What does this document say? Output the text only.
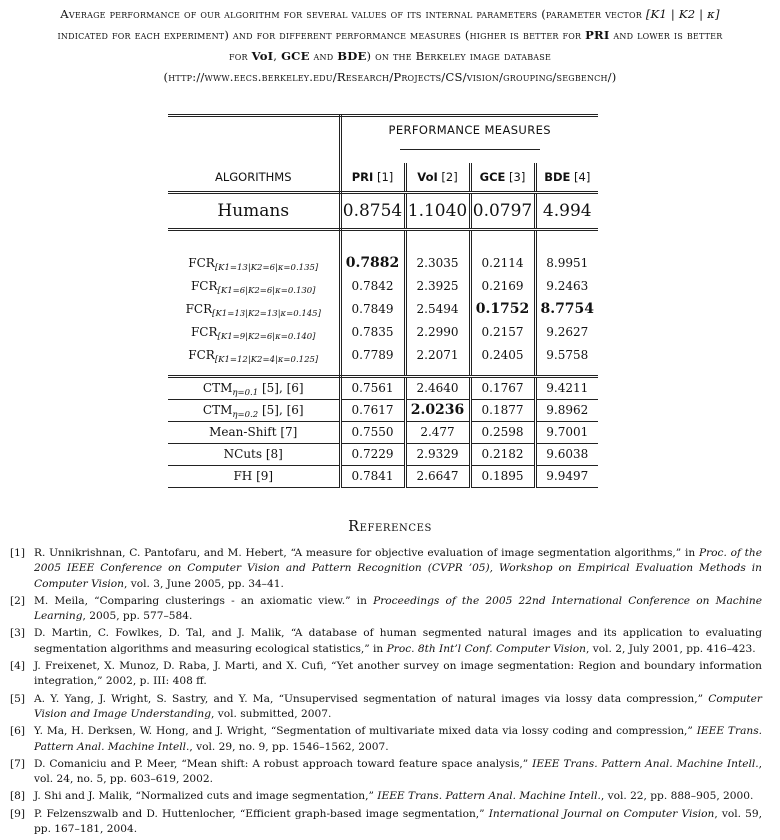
Average performance of our algorithm for several values of its internal parameters (parameter vector [K1 | K2 | κ]
indicated for each experiment) and for different performance measures (higher is better for PRI and lower is better
for VoI, GCE and BDE) on the Berkeley image database
(http://www.eecs.berkeley.edu/Research/Projects/CS/vision/grouping/segbench/)

	PERFORMANCE MEASURES			

ALGORITHMS	PRI [1]	VoI [2]	GCE [3]	BDE [4]
Humans	0.8754	1.1040	0.0797	4.994

$FCR_{[K1=13|K2=6|\kappa=0.135]}$	0.7882	2.3035	0.2114	8.9951
$FCR_{[K1=6|K2=6|\kappa=0.130]}$	0.7842	2.3925	0.2169	9.2463
$FCR_{[K1=13|K2=13|\kappa=0.145]}$	0.7849	2.5494	0.1752	8.7754
$FCR_{[K1=9|K2=6|\kappa=0.140]}$	0.7835	2.2990	0.2157	9.2627
$FCR_{[K1=12|K2=4|\kappa=0.125]}$	0.7789	2.2071	0.2405	9.5758

$CTM_{\eta=0.1}$ [5], [6]	0.7561	2.4640	0.1767	9.4211
$CTM_{\eta=0.2}$ [5], [6]	0.7617	2.0236	0.1877	9.8962
Mean-Shift [7]	0.7550	2.477	0.2598	9.7001
NCuts [8]	0.7229	2.9329	0.2182	9.6038
FH [9]	0.7841	2.6647	0.1895	9.9497
References
[1] R. Unnikrishnan, C. Pantofaru, and M. Hebert, “A measure for objective evaluation of image segmentation algorithms,” in Proc. of the 2005 IEEE Conference on Computer Vision and Pattern Recognition (CVPR ’05), Workshop on Empirical Evaluation Methods in Computer Vision, vol. 3, June 2005, pp. 34–41.
[2] M. Meila, “Comparing clusterings - an axiomatic view.” in Proceedings of the 2005 22nd International Conference on Machine Learning, 2005, pp. 577–584.
[3] D. Martin, C. Fowlkes, D. Tal, and J. Malik, “A database of human segmented natural images and its application to evaluating segmentation algorithms and measuring ecological statistics,” in Proc. 8th Int’l Conf. Computer Vision, vol. 2, July 2001, pp. 416–423.
[4] J. Freixenet, X. Munoz, D. Raba, J. Marti, and X. Cufi, “Yet another survey on image segmentation: Region and boundary information integration,” 2002, p. III: 408 ff.
[5] A. Y. Yang, J. Wright, S. Sastry, and Y. Ma, “Unsupervised segmentation of natural images via lossy data compression,” Computer Vision and Image Understanding, vol. submitted, 2007.
[6] Y. Ma, H. Derksen, W. Hong, and J. Wright, “Segmentation of multivariate mixed data via lossy coding and compression,” IEEE Trans. Pattern Anal. Machine Intell., vol. 29, no. 9, pp. 1546–1562, 2007.
[7] D. Comaniciu and P. Meer, “Mean shift: A robust approach toward feature space analysis,” IEEE Trans. Pattern Anal. Machine Intell., vol. 24, no. 5, pp. 603–619, 2002.
[8] J. Shi and J. Malik, “Normalized cuts and image segmentation,” IEEE Trans. Pattern Anal. Machine Intell., vol. 22, pp. 888–905, 2000.
[9] P. Felzenszwalb and D. Huttenlocher, “Efficient graph-based image segmentation,” International Journal on Computer Vision, vol. 59, pp. 167–181, 2004.
